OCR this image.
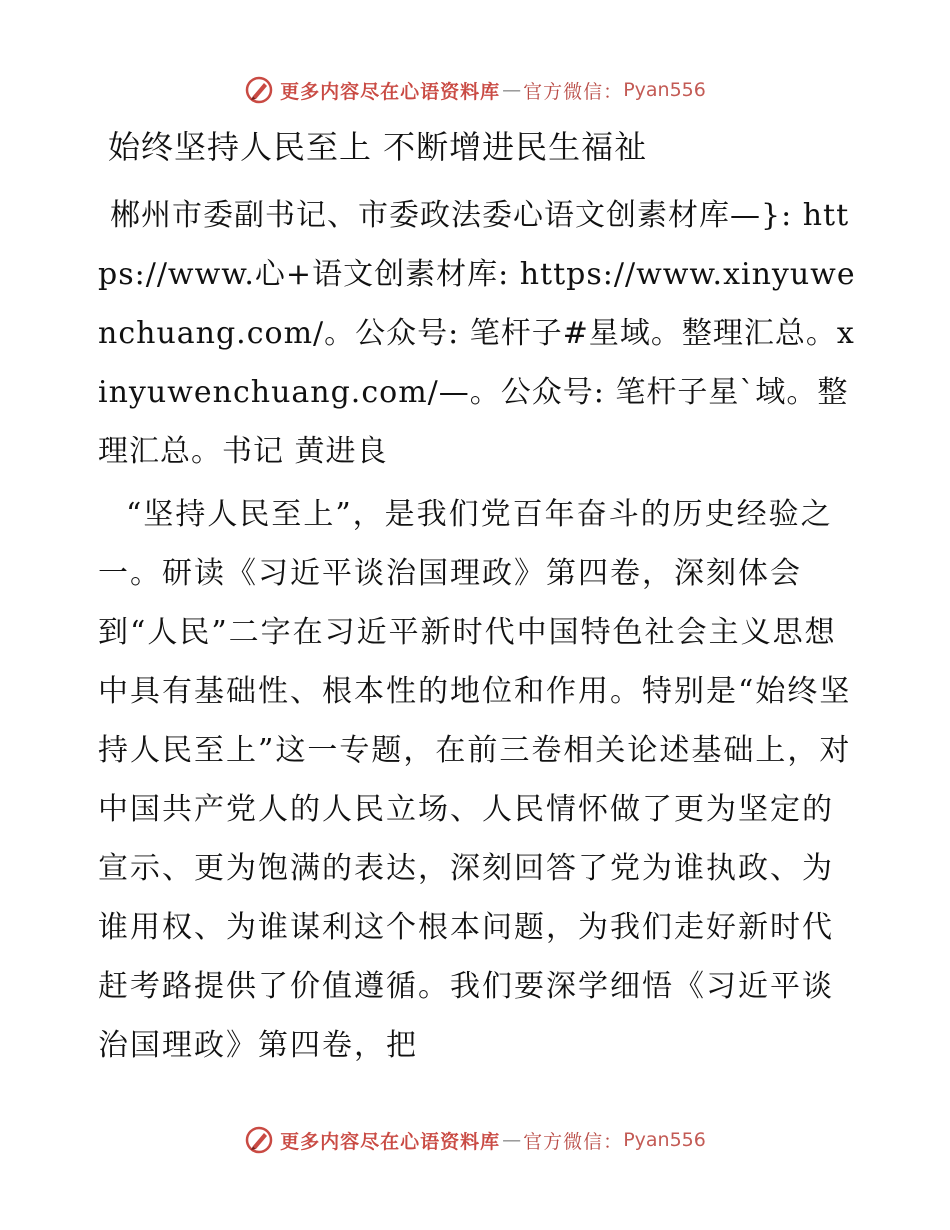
更多内容尽在心语资料库 — 官方微信： Pyan556
始终坚持人民至上 不断增进民生福祉

郴州市委副书记、市委政法委心语文创素材库—}: https://www.心+语文创素材库: https://www.xinyuwenchuang.com/。公众号: 笔杆子#星域。整理汇总。xinyuwenchuang.com/—。公众号: 笔杆子星`域。整理汇总。书记 黄进良

“坚持人民至上”，是我们党百年奋斗的历史经验之一。研读《习近平谈治国理政》第四卷，深刻体会到“人民”二字在习近平新时代中国特色社会主义思想中具有基础性、根本性的地位和作用。特别是“始终坚持人民至上”这一专题，在前三卷相关论述基础上，对中国共产党人的人民立场、人民情怀做了更为坚定的宣示、更为饱满的表达，深刻回答了党为谁执政、为谁用权、为谁谋利这个根本问题，为我们走好新时代赶考路提供了价值遵循。我们要深学细悟《习近平谈治国理政》第四卷，把

更多内容尽在心语资料库 — 官方微信： Pyan556
